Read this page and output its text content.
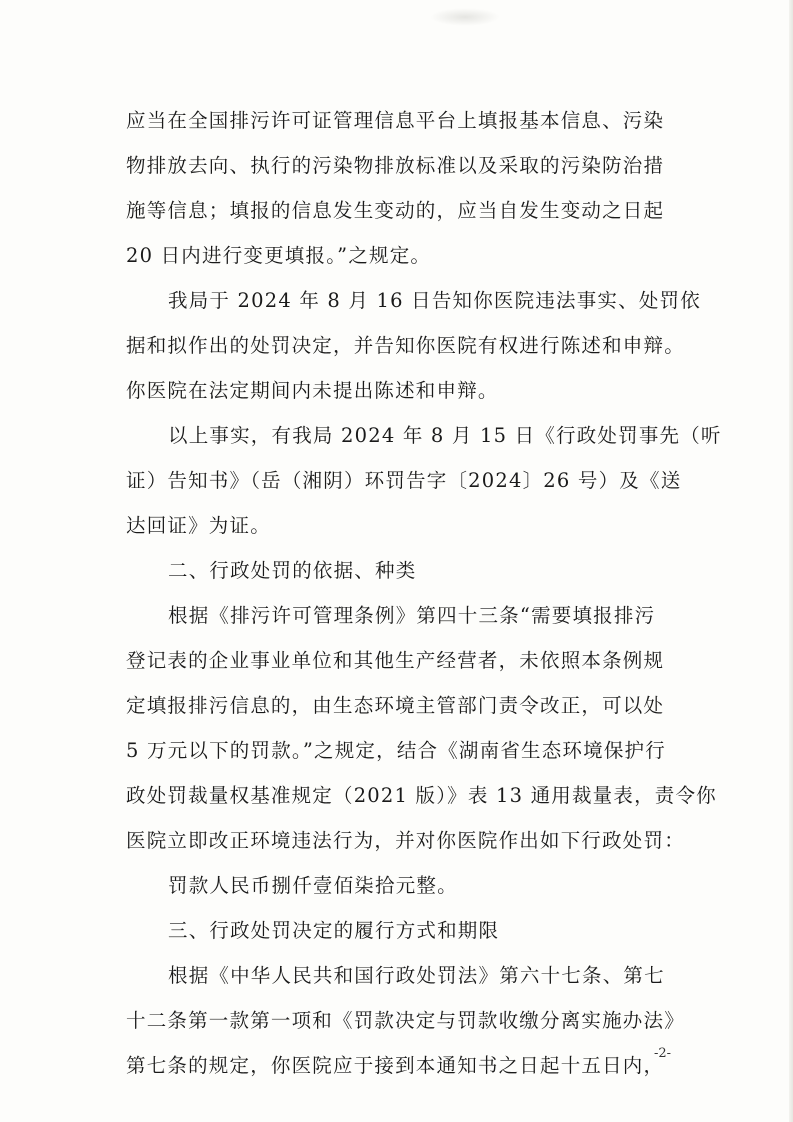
应当在全国排污许可证管理信息平台上填报基本信息、污染
物排放去向、执行的污染物排放标准以及采取的污染防治措
施等信息；填报的信息发生变动的，应当自发生变动之日起
20 日内进行变更填报。”之规定。
我局于 2024 年 8 月 16 日告知你医院违法事实、处罚依
据和拟作出的处罚决定，并告知你医院有权进行陈述和申辩。
你医院在法定期间内未提出陈述和申辩。
以上事实，有我局 2024 年 8 月 15 日《行政处罚事先（听
证）告知书》（岳（湘阴）环罚告字〔2024〕26 号）及《送
达回证》为证。
二、行政处罚的依据、种类
根据《排污许可管理条例》第四十三条“需要填报排污
登记表的企业事业单位和其他生产经营者，未依照本条例规
定填报排污信息的，由生态环境主管部门责令改正，可以处
5 万元以下的罚款。”之规定，结合《湖南省生态环境保护行
政处罚裁量权基准规定（2021 版）》表 13 通用裁量表，责令你
医院立即改正环境违法行为，并对你医院作出如下行政处罚：
罚款人民币捌仟壹佰柒拾元整。
三、行政处罚决定的履行方式和期限
根据《中华人民共和国行政处罚法》第六十七条、第七
十二条第一款第一项和《罚款决定与罚款收缴分离实施办法》
第七条的规定，你医院应于接到本通知书之日起十五日内，
-2-
